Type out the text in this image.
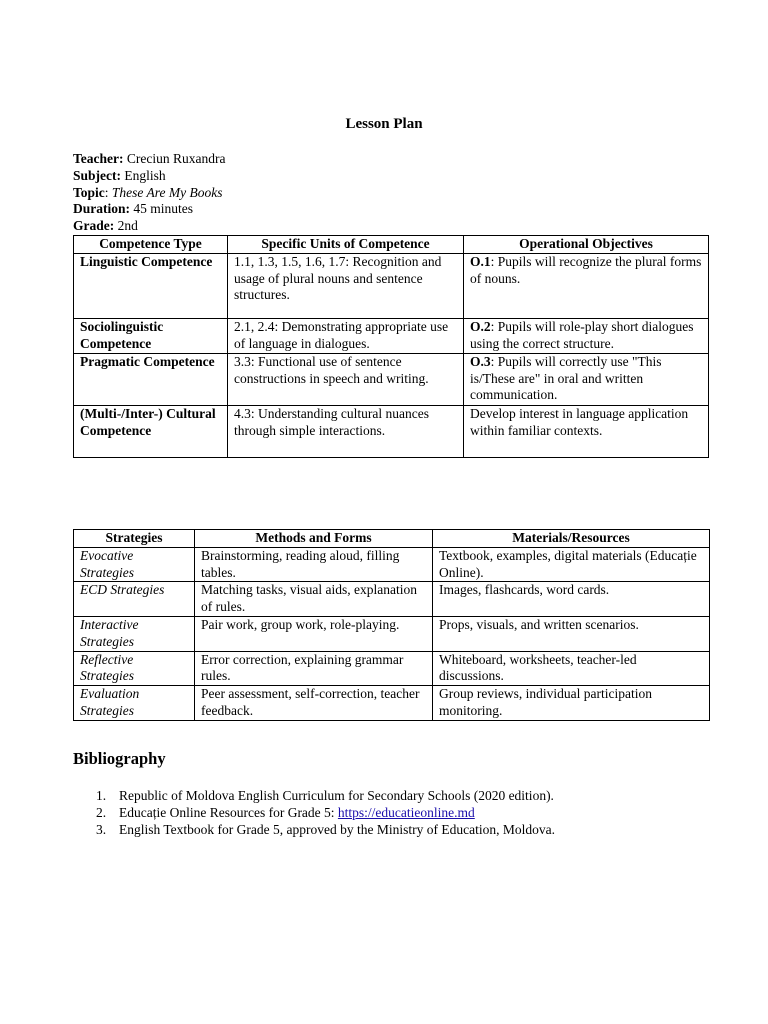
Lesson Plan
Teacher: Creciun Ruxandra
Subject: English
Topic: These Are My Books
Duration: 45 minutes
Grade: 2nd
Competence Type	Specific Units of Competence	Operational Objectives
Linguistic Competence	1.1, 1.3, 1.5, 1.6, 1.7: Recognition and usage of plural nouns and sentence structures.	O.1: Pupils will recognize the plural forms of nouns.
Sociolinguistic Competence	2.1, 2.4: Demonstrating appropriate use of language in dialogues.	O.2: Pupils will role-play short dialogues using the correct structure.
Pragmatic Competence	3.3: Functional use of sentence constructions in speech and writing.	O.3: Pupils will correctly use "This is/These are" in oral and written communication.
(Multi-/Inter-) Cultural Competence	4.3: Understanding cultural nuances through simple interactions.	Develop interest in language application within familiar contexts.
Strategies	Methods and Forms	Materials/Resources
Evocative Strategies	Brainstorming, reading aloud, filling tables.	Textbook, examples, digital materials (Educație Online).
ECD Strategies	Matching tasks, visual aids, explanation of rules.	Images, flashcards, word cards.
Interactive Strategies	Pair work, group work, role-playing.	Props, visuals, and written scenarios.
Reflective Strategies	Error correction, explaining grammar rules.	Whiteboard, worksheets, teacher-led discussions.
Evaluation Strategies	Peer assessment, self-correction, teacher feedback.	Group reviews, individual participation monitoring.
Bibliography
1. Republic of Moldova English Curriculum for Secondary Schools (2020 edition).
2. Educație Online Resources for Grade 5: https://educatieonline.md
3. English Textbook for Grade 5, approved by the Ministry of Education, Moldova.
